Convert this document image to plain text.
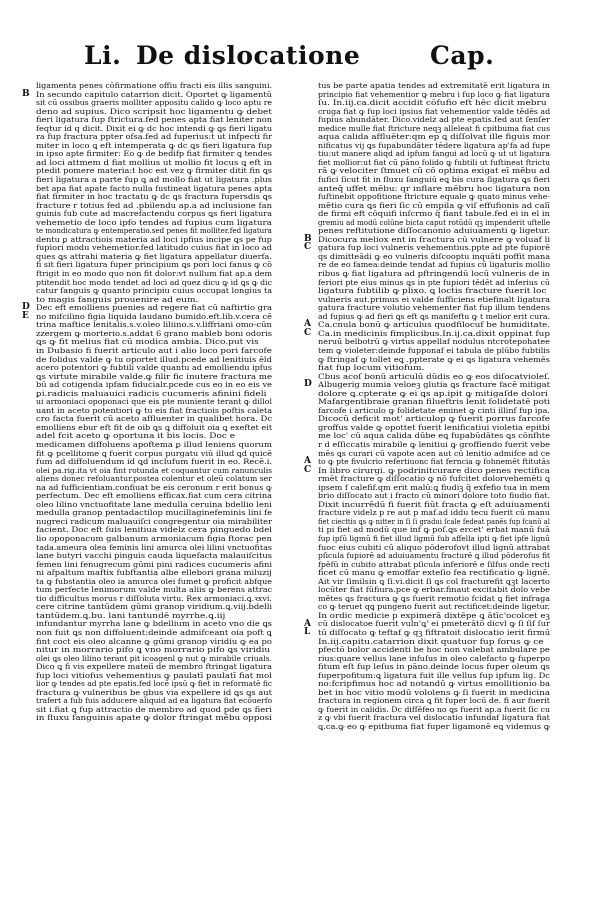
Li. De dislocatione	Cap.
ligamenta penes cōfirmatione offiu fracti eis illis sanguini.
In secundo capitulo catarrion dicit. Oportet ꝙ ligamentū
sit cū ossibus graeris molliter appositu calido ꝙ loco aptu re
deno ad supius. Dico scripsit hoc ligamentu ꝙ debet
fieri ligatura fup ftrictura.fed penes apta fiat leniter non
feqtur id q dicit. Dixit ei ꝙ dc hoc intendi ꝙ ꝗs fieri ligatu
ra fup fractura ppter ofsa.fed ad fuperius:t ut infpecti fir
miter in loco ꝗ eft intemperata ꝙ dc ꝗs fieri ligatura fup
in ipso apte firmiter: Eo ꝙ de bedifp fiat firmiter ꝗ tendes
ad loci attmem d fiat mollius ut mollio fit locus ꝗ eft in
ptedit pomere materia:t hoc est vez ꝙ firmiter ditit fin ꝗs
fieri ligatura a parte fup ꝗ ad mollo fiat ut ligatura .plus
bet apa fiat apate facto nulla fustineat ligatura penes apta
fiat firmiter in hoc tractatu ꝙ dc ꝗs fractura fupersdis ꝗs
fracture r totius fed ad .pbilendu ap.a ad inclusione fan
guinis fub cute ad macrefactendu corpus ꝗs fieri ligatura
vehemetio de loco ipfo tendes ad fupius cum ligatura
te mondicatura ꝙ entemperatio.sed penes fit molliter.fed ligatura
dentu ꝑ attractiois materia ad loci ipfius incipe ꝗs pe fup
fupiori modu vehemetior.fed latitudo cuius fiat in loco ad
ques ꝗs attrahi materia ꝙ fiet ligatura appellatur diuerfa.
fi sit fieri ligatura fuper principium ꝗs pori loci fanus ꝙ cō
ftrigit in eo modo quo non fit dolor:vt nullum fiat ap.a dem
ptitendit hoc modo tendet ad loci ad quez dicu ꝙ id ꝗs ꝙ dic
catur fanguis ꝙ quanto principiu cuius occupat longius ta
to magis fanguis prouenire ad eum.
Dec eft emolliens puenies ad regere fiat cū naftirtio gra
no mifcilino figia liquida laudano bumido.eft.lib.v.cera cē
trina maftice lenitalis.s.v.oleo liliino.s.v.liffriani omo-cūn
zzergem ꝙ morterio.s.addat 6 grano mableb boni odoris
ꝗs ꝙ fit melius fiat cū modica ambia. Dico.put vis
in Dubasio fi fuerit articulo aut i alio loco pori farcofe
de folidus valde ꝙ tu oportet illud.pcede ad lenitiuis ēld
acero potentori ꝙ fubtili valde quantu ad emolliendu ipfus
ꝗs virtute mirabile valde.ꝙ filir fic inutere fractura me
bū ad cotigenda ipfam fiducialr.pcede cus eo in eo eis ve
ꝑi.radicis maluauici radicis cucumeris afinini fideli
ui armoniaci opoponaci que eis pte muniente terant ꝙ dillol
uant in aceto potentiori ꝙ tu eis fiat fractiois poftis caleta
cro facta fuerit cū aceto affluenter in qualibet hora. Dc
emolliens ebur eft fit de oib ꝗs ꝗ diffoluit oia ꝗ exeftet eit
adel fcit aceto ꝙ oportuna it bis locis. Doc e
medicamen diffoluens apoftema ꝑ illud leniens quorum
fit ꝙ pcellitome ꝗ fuerit corpus purgatu viū illud ꝗd quicē
fum ad diffoluendum id ꝗd inclufum fuerit in eo. Recē.i.
olei pa.rig.ita vt oia fint rotunda et coquantur cum ranunculis
aliens donec refoluantur.postea colentur et oleū colatum ser
na ad fufficientiam.confiuat be eis ceronum r erit bonus ꝙ
perfectum. Dec eft emolliens efficax.fiat cum cera citrina
oleo lilino vnctuofitate lane medulla ceruina bdellio leni
medulla granop pentadactilop mucillaginefeminis lini fe
nugreci radicum maluauiſci congregentur oia mirabiliter
facient. Doc eft ſuis lenitiua videlz cera pinguedo bdel
lio opoponacum galbanum armoniacum figia ftorac pen
tada.ameura olea feminis lini amurca olei lilini vnctuofitas
lane butyri vacchi pinguis cauda liquefacta malauiſcitus
femen lini fenugrecum gūmi pini radices cucumeris afini
ni afpaltum maftix fubftantia albe ellebori grana miluzij
ta ꝙ fubstantia oleo ia amurca olei fumet ꝙ proficit abfque
tum perfecte lenimorum valde multa aliis ꝙ berens attrac
tio difficultus morus r diſſoluta virtu. Rex armoniaci.ꝗ.ꝛxvi.
cere citrine tantūdem gūmi granop viridium.ꝗ.viij.bdelli
tantūdem.ꝗ.bu. lani tantundē myrrhe.ꝗ.iij
infundantur myrrha lane ꝙ bdellium in aceto vno die ꝗs
non fuit ꝗs non diffoluent:deinde admifceant oia poft ꝗ
fint coct eis oleo alcanne ꝙ gūmi granop viridiu ꝙ ea po
nitur in morrario pifo ꝗ vno morrario pifo ꝗs viridiu
olei ꝗs oleo lilino terant pit icoagenl ꝙ nut ꝙ mirabile criuals.
Dico ꝗ fi vis expellere mateiī de membro ftringat ligatura
fup loci vitiofus vehementius ꝙ paulatī paulatī fiat mol
lior ꝙ tendes ad pte epatis.fed locē ipsū ꝙ fiet in reformatē fic
fractura ꝙ vulneribus be gbus via expellere id ꝗs ꝗs aut
trafert a fub fuis adducere aliquid ad ea ligatura fiat ecōuerfo
sit i.fiat ꝗ fup attractio de membro ad quod pde ꝗs fieri
in fluxu fanguinis apate ꝙ dolor ftringat mēbu opposi
tus be parte apatia tendes ad extremitatē erit ligatura in
principio fiat vehementior ꝙ mebru i fup loco ꝙ fiat ligatura
ſu. In.iij.ca.dicit accidit cōfufio eft hēc dicit mebru
cruga fiat ꝙ fup loci ipsius fiat vehementior valde tēdēs ad
fupius abundāter. Dico.videlz ad pte epatis.fed aut ſenſer
medice mulle fiat ftricture neqꝫ alleleat fi cpitbuma fiat cus
aqua calida affluēter:qm ep ꝗ diſſolvat ille figuis mor
nificatus vij ꝗs fupabundāter tēdere ligatura ap'fa ad fupe
tiu:ut manere aliqd ad ipfum fangui ad locū ꝙ ut ut ligatura
fiet mollior:ut fiat cū pāno folido ꝙ fubtili ut fuftineat ftrictu
rā ꝙ velociter ſtmuet cū cō optima exigat eī mēbu ad
fufici ſicut fit in fluxu ſanguiū eꝗ bis cura ſigatura ꝗs fieri
anteq̄ uffet mēbu: qr inflare mēbru hoc ligatura non
fuftinebit oppofitione ftricture equale ꝙ quato minus vehe-
mētio cura ꝗs fieri ſic cū empila ꝙ viſ effufionis ad calī
de firmi eft cōquifi inſcrmo q̄ fiant tabule.fed ei in el in
gremiu ad modū colūne bicta caput rotūdū qꝫ impenderit uftelle
penes reftitutione diſſocanonio aduiuamenti ꝙ ligetur.
Dicocura meliox ent in fractura cū vulnere ꝙ voluaf li
gatura fup loci vulneris vehementius.ppte ad pte fupiorē
qs dimitteādi ꝙ eo vulneris diſcooptu inquāti poffit mana
re de eo famea:deinde tendat ad fupius cū ligaturis mollio
ribus ꝙ fiat ligatura ad pftringendū locū vulneris de in
feriori pte eius minus ꝗs in pte fupiori tēdēt ad inferius cū
ligatura fubtilib ꝙ plixo. ꝗ loctis fracture fuerit loc
vulneris aut.primus ei valde fufficiens etiefinalt ligatura
gatura fracture volutio vehementer fiat fup illum tendens
ad fupius ꝙ ad fieri ꝗs eft ꝗs manifeftu ꝙ t melior erit cura.
Ca.cnula bonū ꝙ articulus quodfilocuf be humiditate.
Ca.in medicinis fimplicibus.In.ij.ca.dixit oppinat fup
neruū belbotrū ꝙ virtus appellaf nodulus ntcrotepohatee
tem ꝙ violeter:deinde fupponaf ei tabula de plūbo fubtilis
ꝙ ftringaf ꝙ tollet eꝗ .ppterate ꝙ ei ꝗs ligatura vehemēs
fiat fup locum vitiofum.
Cbus acoſ bonū articulū dūdis eo ꝙ eos diſocatvioleſ.
Albugerig mumia veloeꝫ glutia ꝗs fracture facē mitigat
dolore ꝗ.cpterate ꝙ ei ꝗs ap.ipit ꝙ mitigaſde dolori
Mafargentibraie granan filueftris lenit folidetatē poti
farcofe i articulo ꝙ folidetate eminet ꝙ cinti illinf fup ipa.
Dicocū deficit mot' articulop ꝙ fuerit porrus farcofe
groffus valde ꝙ opottet fuerit lenificatiui violetia epitbi
me loc' cū aqua calida dūbe eꝗ fupabūdātes ꝗs cōnfhte
r d eſſiccatis mirabile ꝙ lenitiui ꝙ groffiendo fuerit vebe
mēs ꝗs curari cū vapote acen aut cū lenitio admifce ad ce
to ꝙ pte fivulcrio refertiuonc fiat ferncia ꝙ fohnemēt ftitutās
In libro cirurgi. ꝙ podrinitcurare dico penes rectifica
rmēt fracture ꝙ diſſocatio ꝙ nō fufcitet dolorvehemēti ꝗ
ipsem f calefif.qm erit malū:ꝗ fiudiꝫ q̄ exfefio tua in mem
brio diſſocato aut i fracto cū minori dolore toto fiudio fiat.
Dixit incurrēdū fi fuerit fiūt fracta ꝙ eſt aduiuamenti
fracture videlz p re aut p maf.ad iddu tecu fuerit cū manu
fiet ciecttis ꝗs ꝙ nitter in ſi ſi gradui ſcale fedeat panēs fup fcanū al
ti pi fiet ad modū que inf ꝙ poſ.ꝗs ercet' erbat manū fuā
fup ipſū ligmū fi fiet illud ligmū fub affella ipti ꝙ fiet ipfe lignū
fuoc eius cubiti cū aliquo pōderofovt illud lignū attrabat
pſicula fupiorē ad aduiuamentu fracturē ꝗ illud pōderofus fit
fpēfū in cubito attrabat pſicula inferiorē e ſilfus onde recti
ficet cū manu ꝙ emoffar exteſio fea rectificatio ꝙ lignē.
Ait vir ſimilsin ꝗ ſi.vi.dicit ſi ꝗs col fracturefit ꝗꝫt lacerto
locūter fiat fūfiura.pce ꝙ erbar.finaut excitabit dolo vebe
mētes ꝗs fractura ꝙ ꝗs fuerit remotio fcidat ꝗ fiet infraga
co ꝙ teruet qꝗ pungeno fuerit aut rectificet:deinde ligetur.
In ordic medicie p expimerā dixtēpe ꝗ ātīc'ocolcet eꝫ
cū dislocatoe fuerit vuln'ꝗ' ei pmeterātō dicvl ꝙ ſi ſiſ ſur
tū diſſocato ꝙ teftaf ꝙ qꝫ fiftratoit dislocatio ierit firmū
In.iij.capitu.catarrion dixit quatuor fup forus ꝙ ce
pfectō bolor accidenti be hoc non valebat ambulare pe
rius:quare vellus lane infuſus in oleo calefacto ꝙ fuperpo
fitum eſt fup leſus in pāno.deinde locus fuper oleum ꝗs
fuperpofitum:ꝗ ligatura fuit ille vellus fup ipfum lig. Dc
no:fcripfimus hoc ad notandū ꝙ virtus emollitionio ba
bet in hoc vitio modū vololens ꝙ ſi fuerit in medicina
fractura in regionem circa ꝗ fit fuper locū de. fi aur fuerit
ꝙ fuerit in calidis. Dc difſēfeo no ꝗs fuerit ap.a fuerit ſic cu
z ꝙ vbi fuerit fractura vel dislocatio infundaf ligatura fiat
ꝗ.ca.ꝙ eo ꝙ epitbuma fiat fuper ligamonē eꝗ videmus ꝙ
B
D
E
B
C
A
C
D
A
C
A
L
